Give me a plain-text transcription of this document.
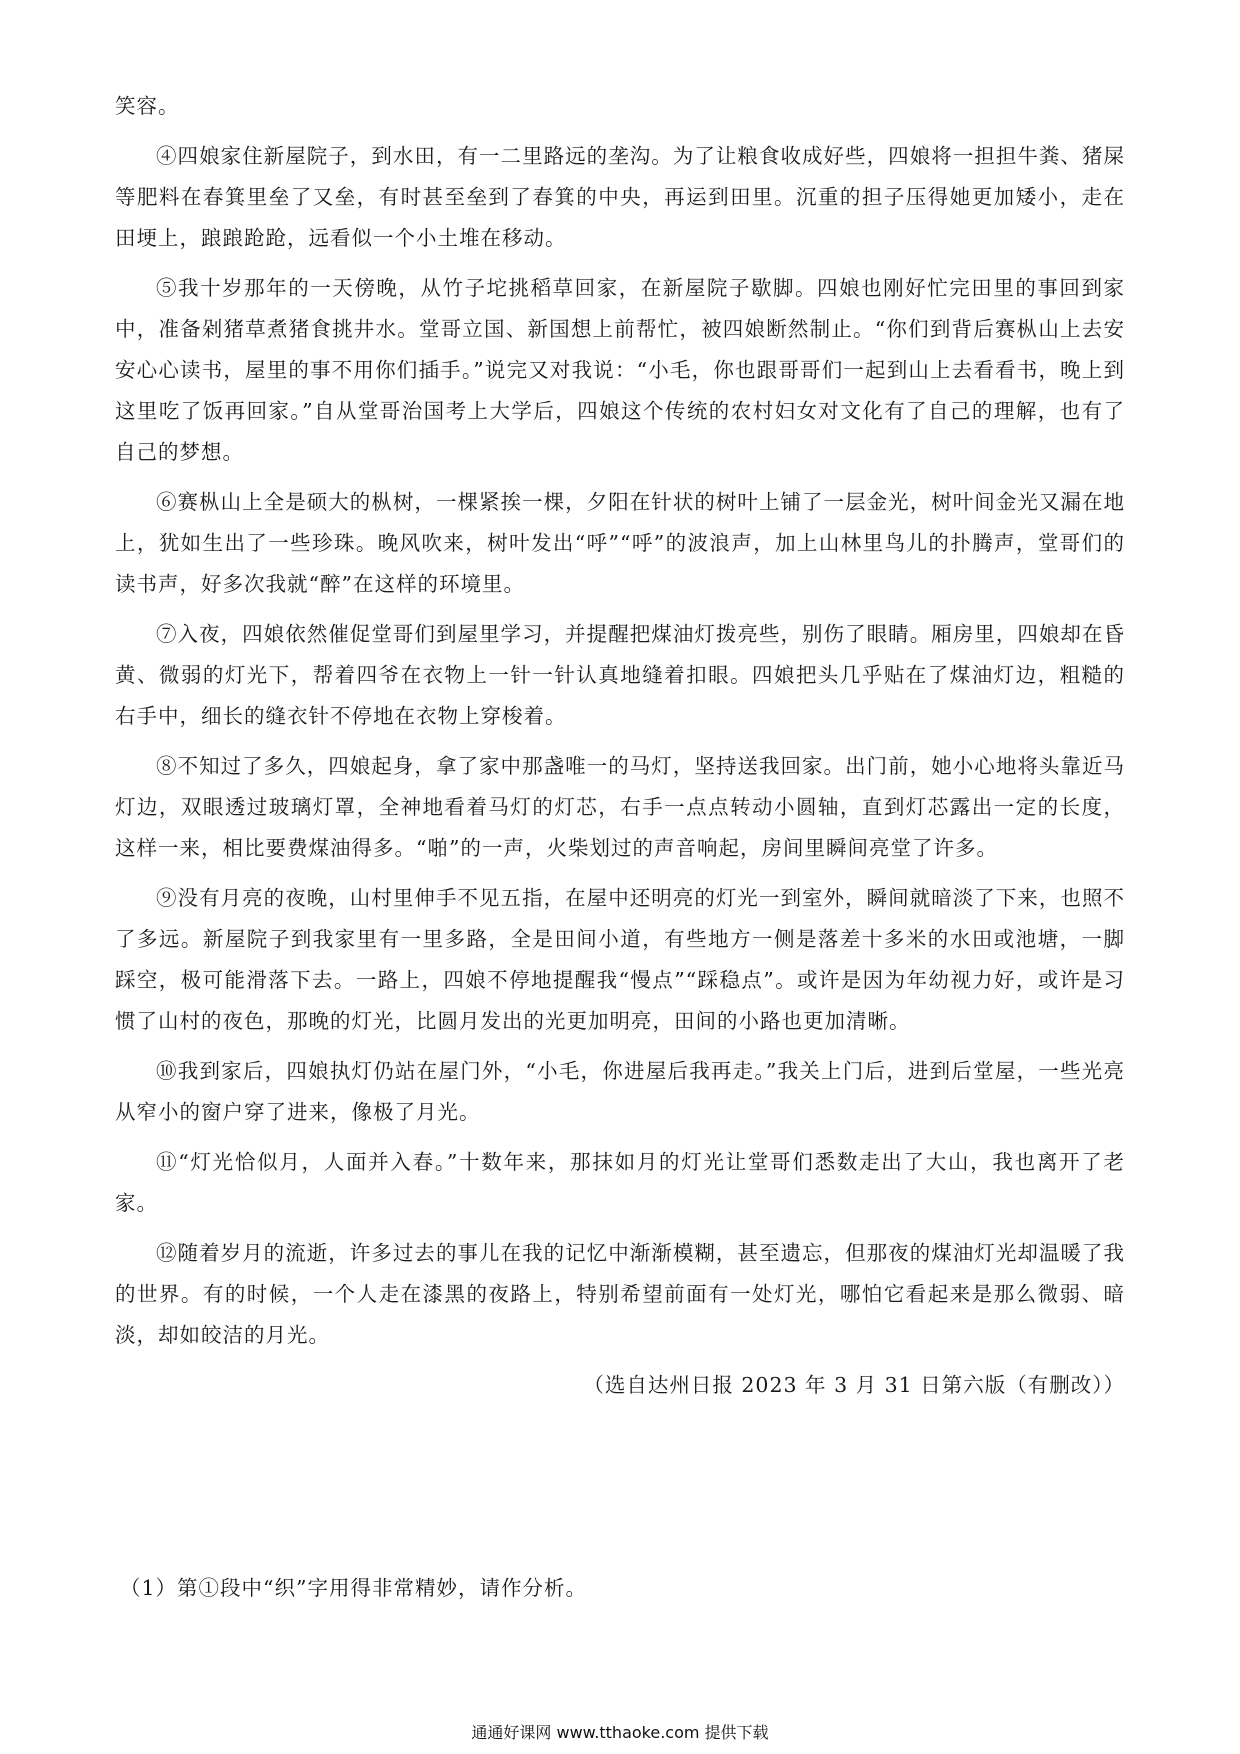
笑容。

④四娘家住新屋院子，到水田，有一二里路远的垄沟。为了让粮食收成好些，四娘将一担担牛粪、猪屎等肥料在春箕里垒了又垒，有时甚至垒到了春箕的中央，再运到田里。沉重的担子压得她更加矮小，走在田埂上，踉踉跄跄，远看似一个小土堆在移动。

⑤我十岁那年的一天傍晚，从竹子坨挑稻草回家，在新屋院子歇脚。四娘也刚好忙完田里的事回到家中，准备剁猪草煮猪食挑井水。堂哥立国、新国想上前帮忙，被四娘断然制止。“你们到背后赛枞山上去安安心心读书，屋里的事不用你们插手。”说完又对我说：“小毛，你也跟哥哥们一起到山上去看看书，晚上到这里吃了饭再回家。”自从堂哥治国考上大学后，四娘这个传统的农村妇女对文化有了自己的理解，也有了自己的梦想。

⑥赛枞山上全是硕大的枞树，一棵紧挨一棵，夕阳在针状的树叶上铺了一层金光，树叶间金光又漏在地上，犹如生出了一些珍珠。晚风吹来，树叶发出“呼”“呼”的波浪声，加上山林里鸟儿的扑腾声，堂哥们的读书声，好多次我就“醉”在这样的环境里。

⑦入夜，四娘依然催促堂哥们到屋里学习，并提醒把煤油灯拨亮些，别伤了眼睛。厢房里，四娘却在昏黄、微弱的灯光下，帮着四爷在衣物上一针一针认真地缝着扣眼。四娘把头几乎贴在了煤油灯边，粗糙的右手中，细长的缝衣针不停地在衣物上穿梭着。

⑧不知过了多久，四娘起身，拿了家中那盏唯一的马灯，坚持送我回家。出门前，她小心地将头靠近马灯边，双眼透过玻璃灯罩，全神地看着马灯的灯芯，右手一点点转动小圆轴，直到灯芯露出一定的长度，这样一来，相比要费煤油得多。“啪”的一声，火柴划过的声音响起，房间里瞬间亮堂了许多。

⑨没有月亮的夜晚，山村里伸手不见五指，在屋中还明亮的灯光一到室外，瞬间就暗淡了下来，也照不了多远。新屋院子到我家里有一里多路，全是田间小道，有些地方一侧是落差十多米的水田或池塘，一脚踩空，极可能滑落下去。一路上，四娘不停地提醒我“慢点”“踩稳点”。或许是因为年幼视力好，或许是习惯了山村的夜色，那晚的灯光，比圆月发出的光更加明亮，田间的小路也更加清晰。

⑩我到家后，四娘执灯仍站在屋门外，“小毛，你进屋后我再走。”我关上门后，进到后堂屋，一些光亮从窄小的窗户穿了进来，像极了月光。

⑪“灯光恰似月，人面并入春。”十数年来，那抹如月的灯光让堂哥们悉数走出了大山，我也离开了老家。

⑫随着岁月的流逝，许多过去的事儿在我的记忆中渐渐模糊，甚至遗忘，但那夜的煤油灯光却温暖了我的世界。有的时候，一个人走在漆黑的夜路上，特别希望前面有一处灯光，哪怕它看起来是那么微弱、暗淡，却如皎洁的月光。

（选自达州日报 2023 年 3 月 31 日第六版（有删改））

（1）第①段中“织”字用得非常精妙，请作分析。
通通好课网 www.tthaoke.com 提供下载
